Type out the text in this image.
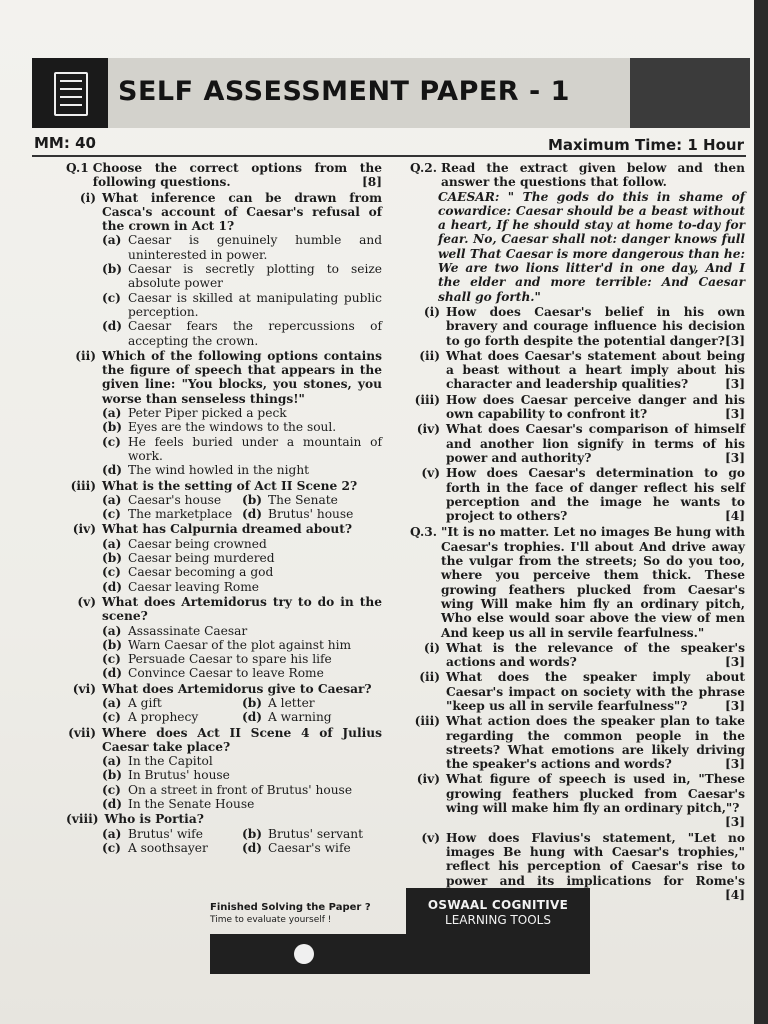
SELF ASSESSMENT PAPER - 1
MM: 40	Maximum Time: 1 Hour
Q.1 Choose the correct options from the following questions.	[8]
(i) What inference can be drawn from Casca's account of Caesar's refusal of the crown in Act 1?
(a) Caesar is genuinely humble and uninterested in power.
(b) Caesar is secretly plotting to seize absolute power
(c) Caesar is skilled at manipulating public perception.
(d) Caesar fears the repercussions of accepting the crown.
(ii) Which of the following options contains the figure of speech that appears in the given line: "You blocks, you stones, you worse than senseless things!"
(a) Peter Piper picked a peck
(b) Eyes are the windows to the soul.
(c) He feels buried under a mountain of work.
(d) The wind howled in the night
(iii) What is the setting of Act II Scene 2?
(a) Caesar's house (b) The Senate
(c) The marketplace (d) Brutus' house
(iv) What has Calpurnia dreamed about?
(a) Caesar being crowned
(b) Caesar being murdered
(c) Caesar becoming a god
(d) Caesar leaving Rome
(v) What does Artemidorus try to do in the scene?
(a) Assassinate Caesar
(b) Warn Caesar of the plot against him
(c) Persuade Caesar to spare his life
(d) Convince Caesar to leave Rome
(vi) What does Artemidorus give to Caesar?
(a) A gift	(b) A letter
(c) A prophecy	(d) A warning
(vii) Where does Act II Scene 4 of Julius Caesar take place?
(a) In the Capitol
(b) In Brutus' house
(c) On a street in front of Brutus' house
(d) In the Senate House
(viii) Who is Portia?
(a) Brutus' wife	(b) Brutus' servant
(c) A soothsayer	(d) Caesar's wife
Q.2. Read the extract given below and then answer the questions that follow.
CAESAR: " The gods do this in shame of cowardice: Caesar should be a beast without a heart, If he should stay at home to-day for fear. No, Caesar shall not: danger knows full well That Caesar is more dangerous than he: We are two lions litter'd in one day, And I the elder and more terrible: And Caesar shall go forth."
(i) How does Caesar's belief in his own bravery and courage influence his decision to go forth despite the potential danger? [3]
(ii) What does Caesar's statement about being a beast without a heart imply about his character and leadership qualities?	[3]
(iii) How does Caesar perceive danger and his own capability to confront it?	[3]
(iv) What does Caesar's comparison of himself and another lion signify in terms of his power and authority?	[3]
(v) How does Caesar's determination to go forth in the face of danger reflect his self perception and the image he wants to project to others?	[4]
Q.3. "It is no matter. Let no images Be hung with Caesar's trophies. I'll about And drive away the vulgar from the streets; So do you too, where you perceive them thick. These growing feathers plucked from Caesar's wing Will make him fly an ordinary pitch, Who else would soar above the view of men And keep us all in servile fearfulness."
(i) What is the relevance of the speaker's actions and words?	[3]
(ii) What does the speaker imply about Caesar's impact on society with the phrase "keep us all in servile fearfulness"?	[3]
(iii) What action does the speaker plan to take regarding the common people in the streets? What emotions are likely driving the speaker's actions and words?	[3]
(iv) What figure of speech is used in, "These growing feathers plucked from Caesar's wing will make him fly an ordinary pitch,"?
[3]
(v) How does Flavius's statement, "Let no images Be hung with Caesar's trophies," reflect his perception of Caesar's rise to power and its implications for Rome's
[4]
Finished Solving the Paper ?
Time to evaluate yourself !
OSWAAL COGNITIVE
LEARNING TOOLS
